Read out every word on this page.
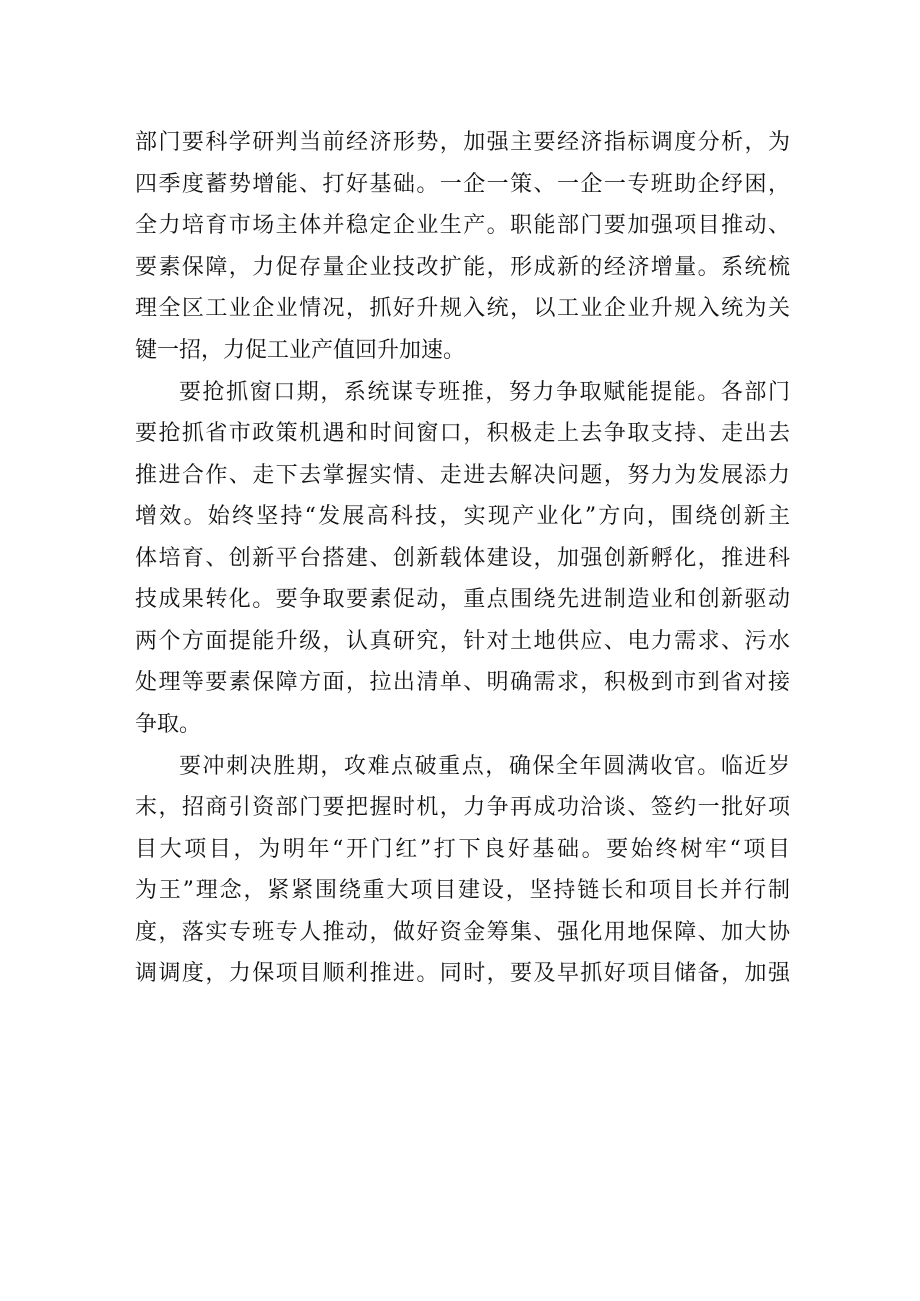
部门要科学研判当前经济形势，加强主要经济指标调度分析，为
四季度蓄势增能、打好基础。一企一策、一企一专班助企纾困，
全力培育市场主体并稳定企业生产。职能部门要加强项目推动、
要素保障，力促存量企业技改扩能，形成新的经济增量。系统梳
理全区工业企业情况，抓好升规入统，以工业企业升规入统为关
键一招，力促工业产值回升加速。
要抢抓窗口期，系统谋专班推，努力争取赋能提能。各部门
要抢抓省市政策机遇和时间窗口，积极走上去争取支持、走出去
推进合作、走下去掌握实情、走进去解决问题，努力为发展添力
增效。始终坚持“发展高科技，实现产业化”方向，围绕创新主
体培育、创新平台搭建、创新载体建设，加强创新孵化，推进科
技成果转化。要争取要素促动，重点围绕先进制造业和创新驱动
两个方面提能升级，认真研究，针对土地供应、电力需求、污水
处理等要素保障方面，拉出清单、明确需求，积极到市到省对接
争取。
要冲刺决胜期，攻难点破重点，确保全年圆满收官。临近岁
末，招商引资部门要把握时机，力争再成功洽谈、签约一批好项
目大项目，为明年“开门红”打下良好基础。要始终树牢“项目
为王”理念，紧紧围绕重大项目建设，坚持链长和项目长并行制
度，落实专班专人推动，做好资金筹集、强化用地保障、加大协
调调度，力保项目顺利推进。同时，要及早抓好项目储备，加强
